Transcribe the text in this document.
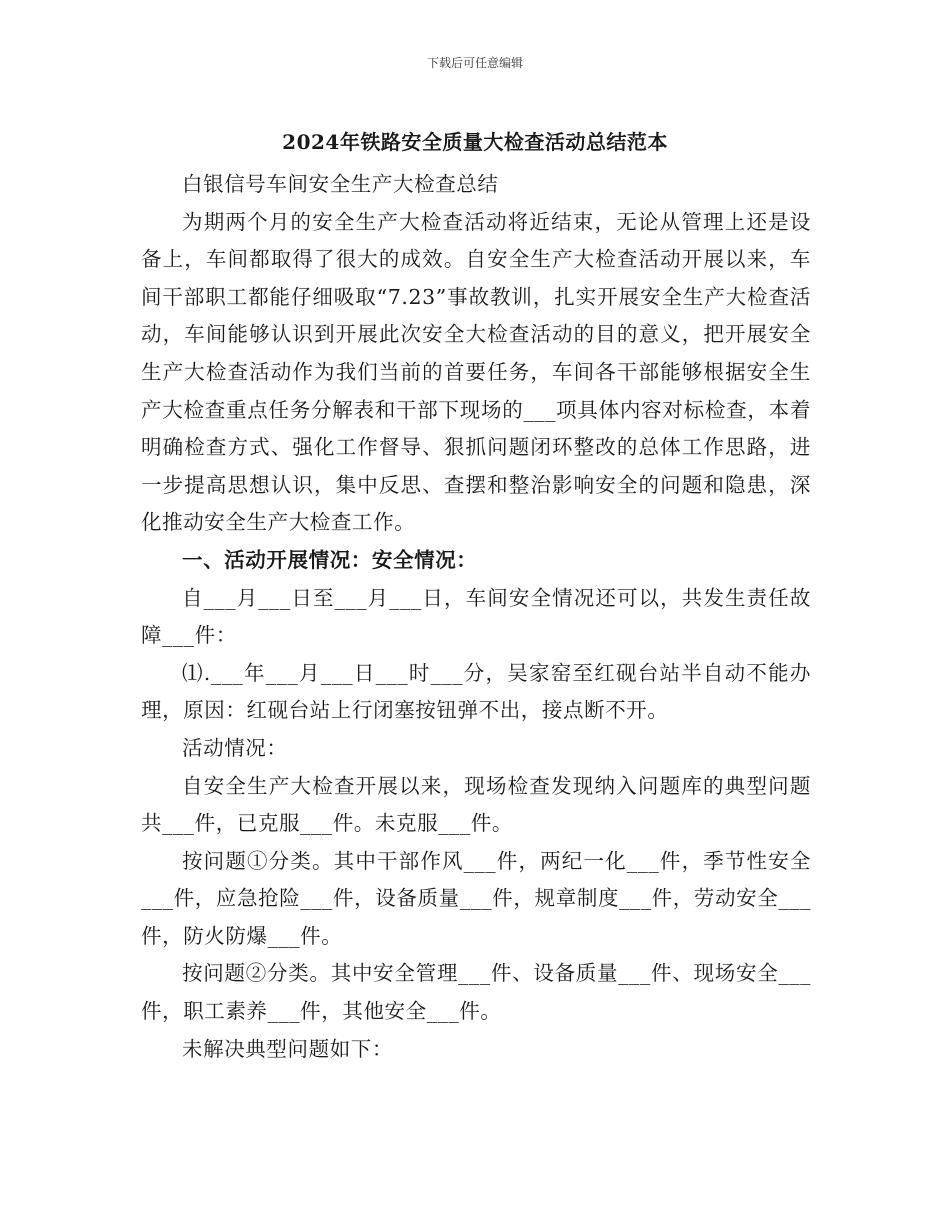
下载后可任意编辑
2024年铁路安全质量大检查活动总结范本

白银信号车间安全生产大检查总结

为期两个月的安全生产大检查活动将近结束，无论从管理上还是设备上，车间都取得了很大的成效。自安全生产大检查活动开展以来，车间干部职工都能仔细吸取“7.23”事故教训，扎实开展安全生产大检查活动，车间能够认识到开展此次安全大检查活动的目的意义，把开展安全生产大检查活动作为我们当前的首要任务，车间各干部能够根据安全生产大检查重点任务分解表和干部下现场的___项具体内容对标检查，本着明确检查方式、强化工作督导、狠抓问题闭环整改的总体工作思路，进一步提高思想认识，集中反思、查摆和整治影响安全的问题和隐患，深化推动安全生产大检查工作。

一、活动开展情况：安全情况：

自___月___日至___月___日，车间安全情况还可以，共发生责任故障___件：

⑴.___年___月___日___时___分，吴家窑至红砚台站半自动不能办理，原因：红砚台站上行闭塞按钮弹不出，接点断不开。

活动情况：

自安全生产大检查开展以来，现场检查发现纳入问题库的典型问题共___件，已克服___件。未克服___件。

按问题①分类。其中干部作风___件，两纪一化___件，季节性安全___件，应急抢险___件，设备质量___件，规章制度___件，劳动安全___件，防火防爆___件。

按问题②分类。其中安全管理___件、设备质量___件、现场安全___件，职工素养___件，其他安全___件。

未解决典型问题如下：
